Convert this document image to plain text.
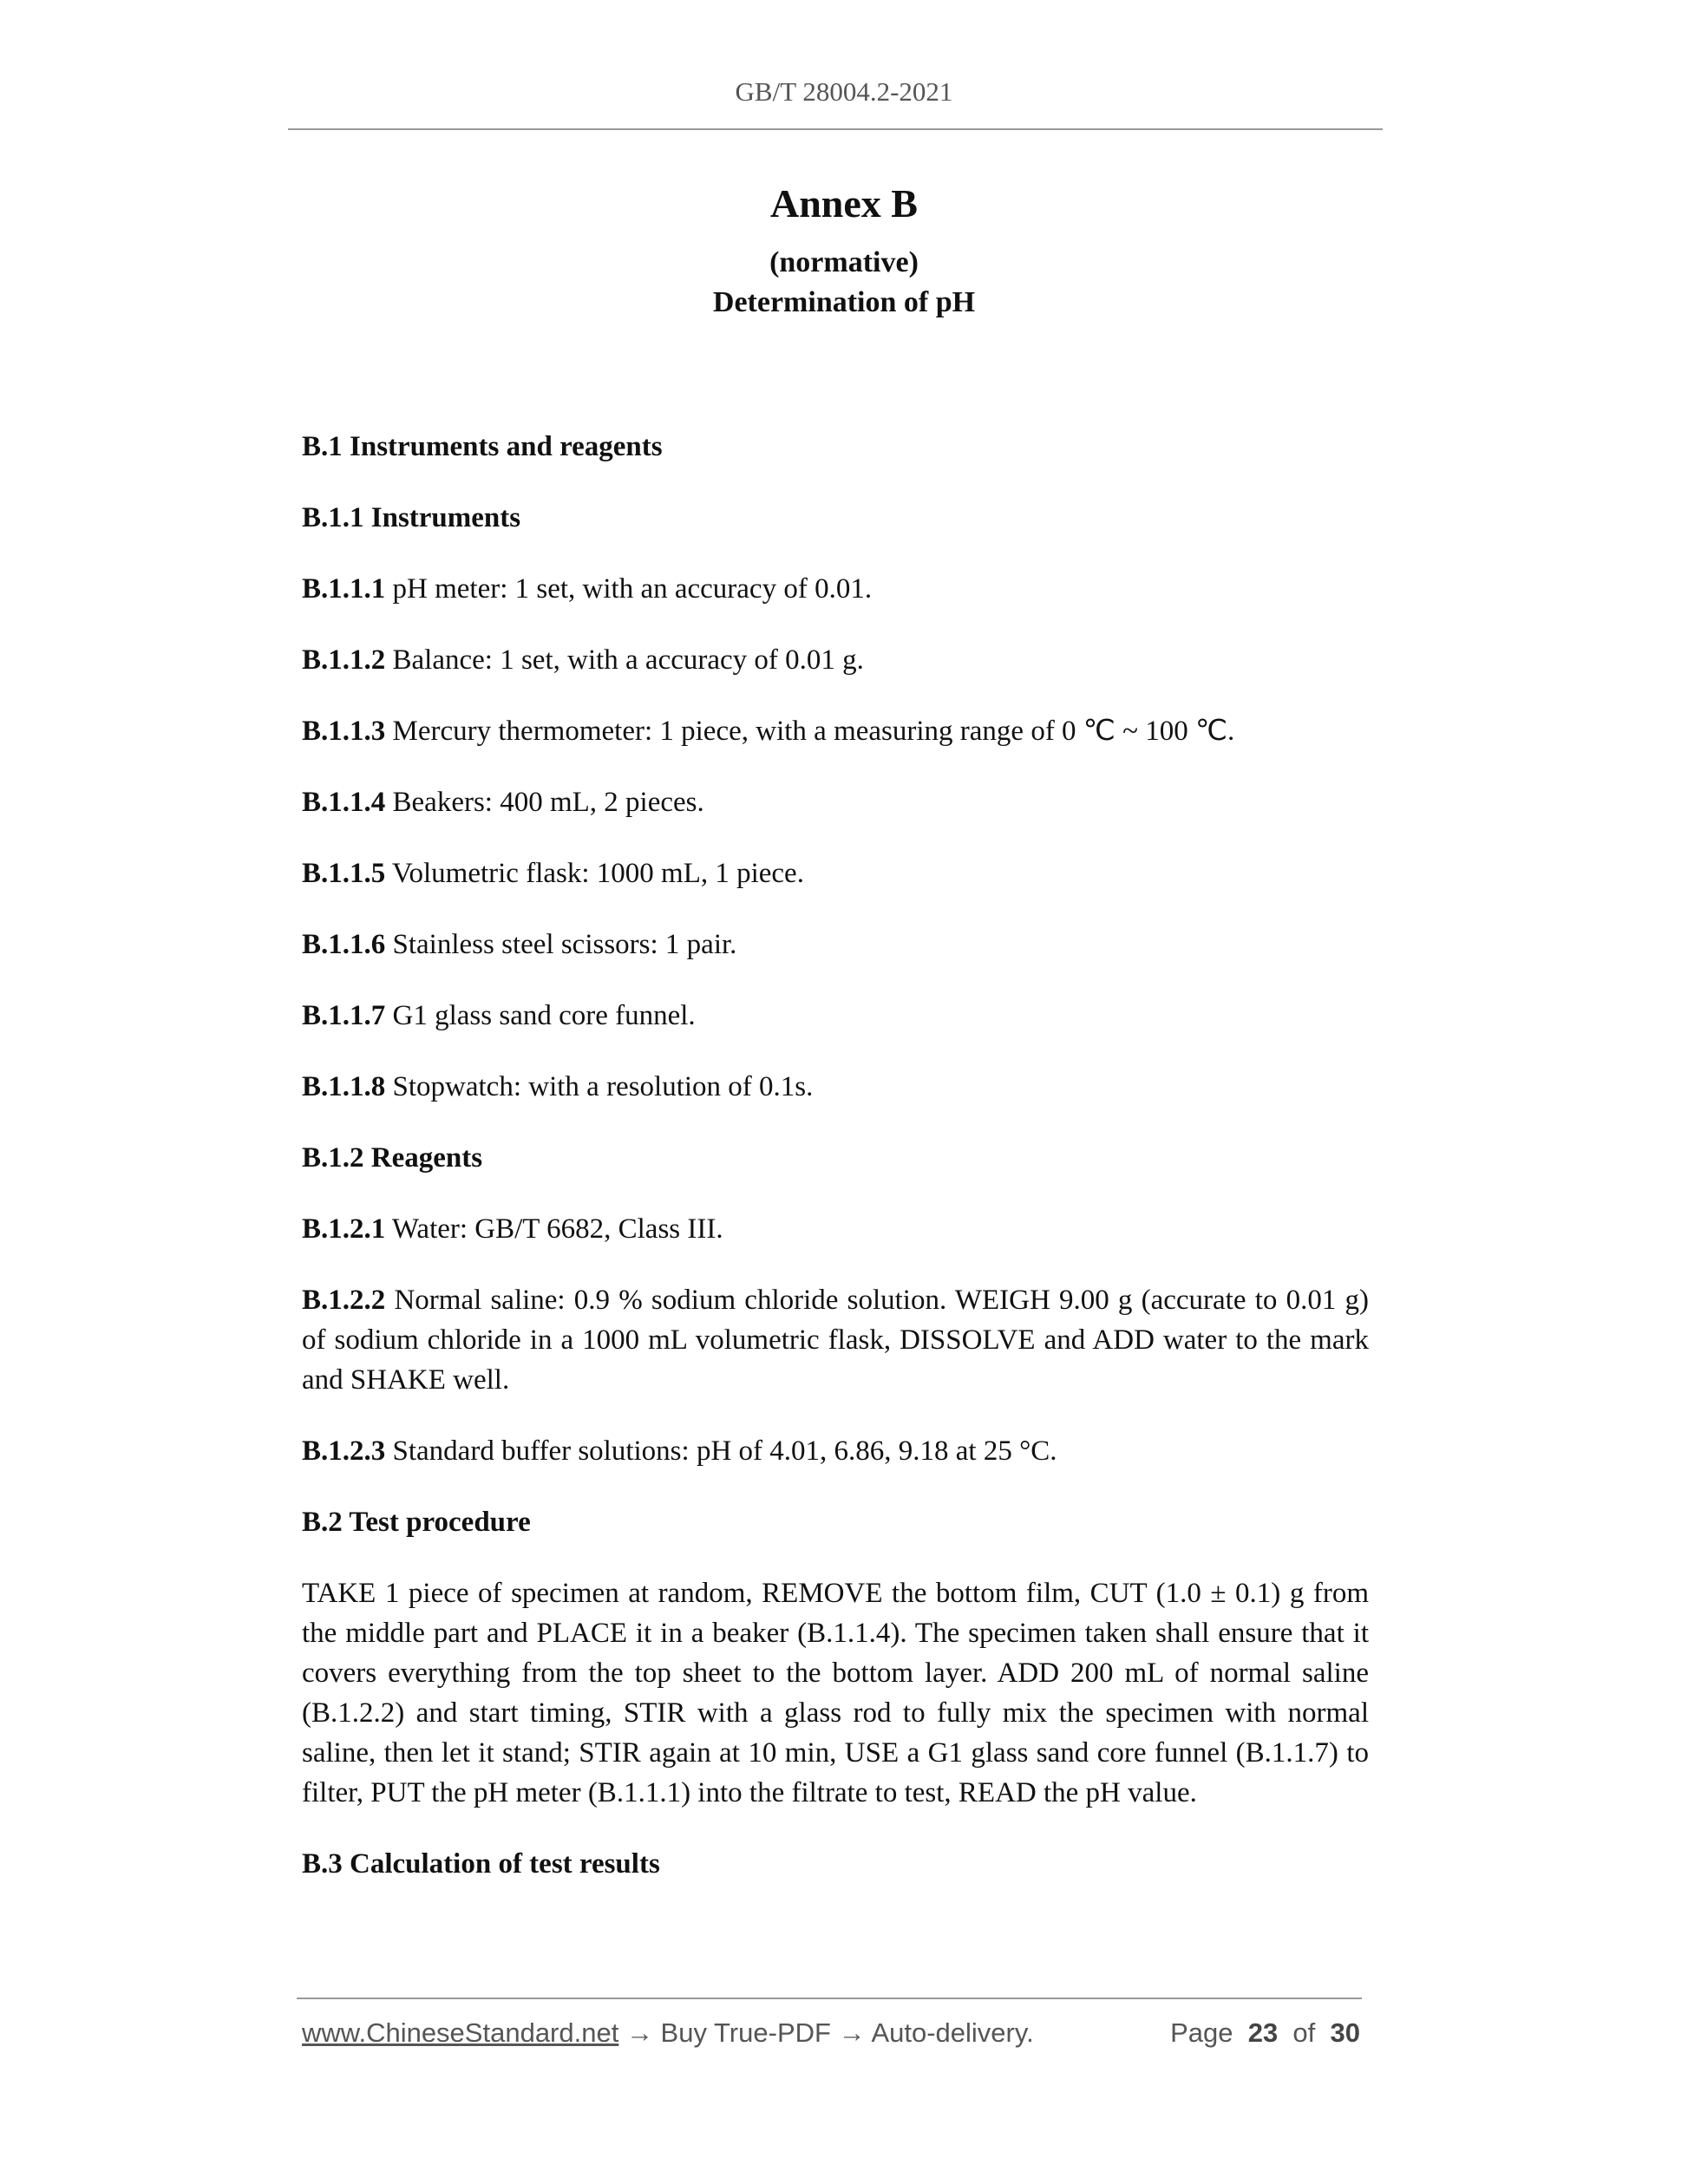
GB/T 28004.2-2021
Annex B
(normative)
Determination of pH

B.1 Instruments and reagents

B.1.1 Instruments

B.1.1.1 pH meter: 1 set, with an accuracy of 0.01.

B.1.1.2 Balance: 1 set, with a accuracy of 0.01 g.

B.1.1.3 Mercury thermometer: 1 piece, with a measuring range of 0 ℃ ~ 100 ℃.

B.1.1.4 Beakers: 400 mL, 2 pieces.

B.1.1.5 Volumetric flask: 1000 mL, 1 piece.

B.1.1.6 Stainless steel scissors: 1 pair.

B.1.1.7 G1 glass sand core funnel.

B.1.1.8 Stopwatch: with a resolution of 0.1s.

B.1.2 Reagents

B.1.2.1 Water: GB/T 6682, Class III.

B.1.2.2 Normal saline: 0.9 % sodium chloride solution. WEIGH 9.00 g (accurate to 0.01 g) of sodium chloride in a 1000 mL volumetric flask, DISSOLVE and ADD water to the mark and SHAKE well.

B.1.2.3 Standard buffer solutions: pH of 4.01, 6.86, 9.18 at 25 °C.

B.2 Test procedure

TAKE 1 piece of specimen at random, REMOVE the bottom film, CUT (1.0 ± 0.1) g from the middle part and PLACE it in a beaker (B.1.1.4). The specimen taken shall ensure that it covers everything from the top sheet to the bottom layer. ADD 200 mL of normal saline (B.1.2.2) and start timing, STIR with a glass rod to fully mix the specimen with normal saline, then let it stand; STIR again at 10 min, USE a G1 glass sand core funnel (B.1.1.7) to filter, PUT the pH meter (B.1.1.1) into the filtrate to test, READ the pH value.

B.3 Calculation of test results

www.ChineseStandard.net → Buy True-PDF → Auto-delivery.	Page 23 of 30
